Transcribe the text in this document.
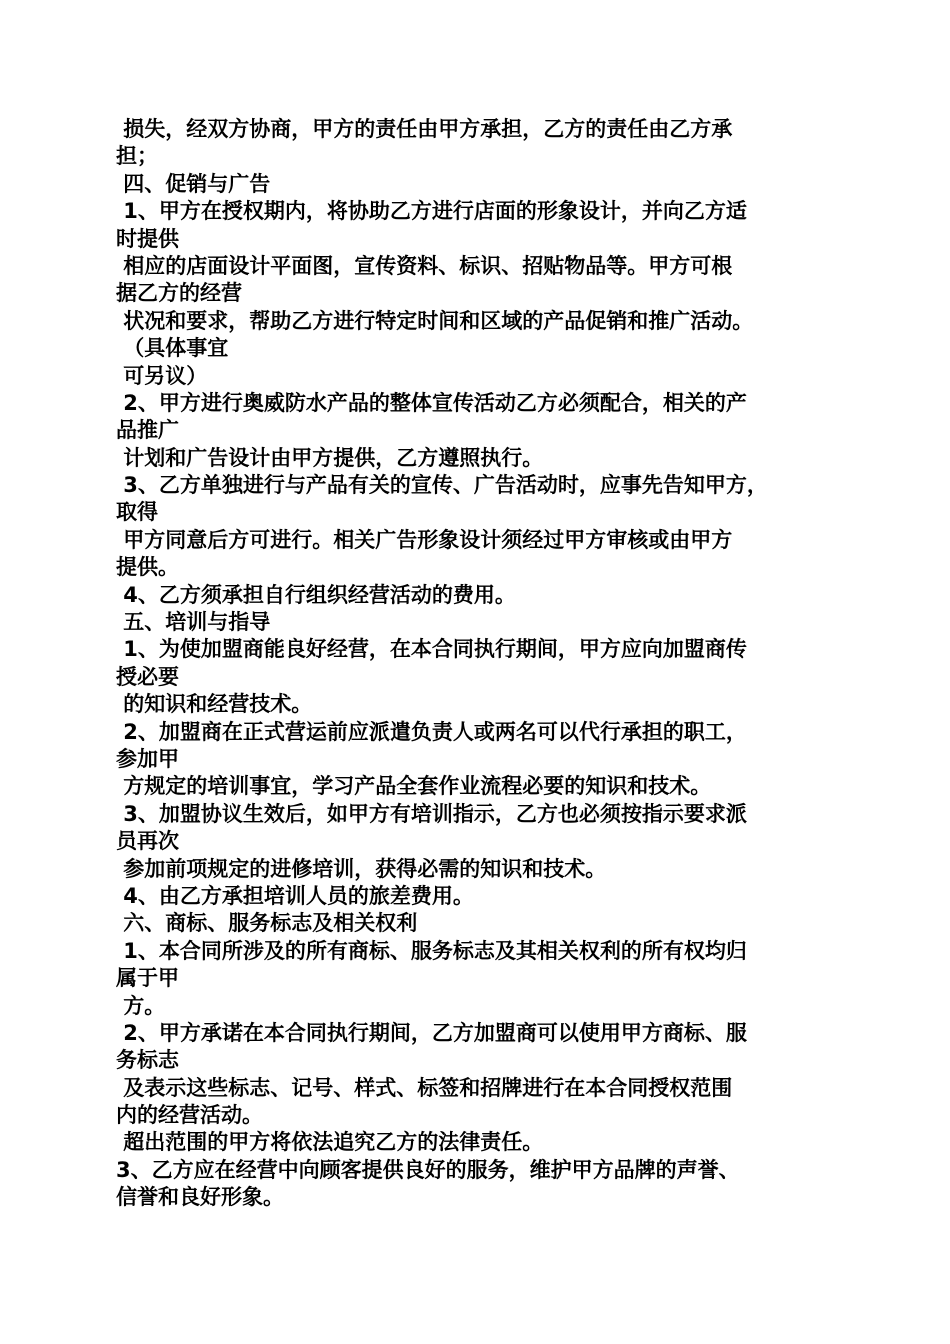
损失，经双方协商，甲方的责任由甲方承担，乙方的责任由乙方承
担；
四、促销与广告
1、甲方在授权期内，将协助乙方进行店面的形象设计，并向乙方适
时提供
相应的店面设计平面图，宣传资料、标识、招贴物品等。甲方可根
据乙方的经营
状况和要求，帮助乙方进行特定时间和区域的产品促销和推广活动。
（具体事宜
可另议）
2、甲方进行奥威防水产品的整体宣传活动乙方必须配合，相关的产
品推广
计划和广告设计由甲方提供，乙方遵照执行。
3、乙方单独进行与产品有关的宣传、广告活动时，应事先告知甲方，
取得
甲方同意后方可进行。相关广告形象设计须经过甲方审核或由甲方
提供。
4、乙方须承担自行组织经营活动的费用。
五、培训与指导
1、为使加盟商能良好经营，在本合同执行期间，甲方应向加盟商传
授必要
的知识和经营技术。
2、加盟商在正式营运前应派遣负责人或两名可以代行承担的职工，
参加甲
方规定的培训事宜，学习产品全套作业流程必要的知识和技术。
3、加盟协议生效后，如甲方有培训指示，乙方也必须按指示要求派
员再次
参加前项规定的进修培训，获得必需的知识和技术。
4、由乙方承担培训人员的旅差费用。
六、商标、服务标志及相关权利
1、本合同所涉及的所有商标、服务标志及其相关权利的所有权均归
属于甲
方。
2、甲方承诺在本合同执行期间，乙方加盟商可以使用甲方商标、服
务标志
及表示这些标志、记号、样式、标签和招牌进行在本合同授权范围
内的经营活动。
超出范围的甲方将依法追究乙方的法律责任。
3、乙方应在经营中向顾客提供良好的服务，维护甲方品牌的声誉、
信誉和良好形象。
